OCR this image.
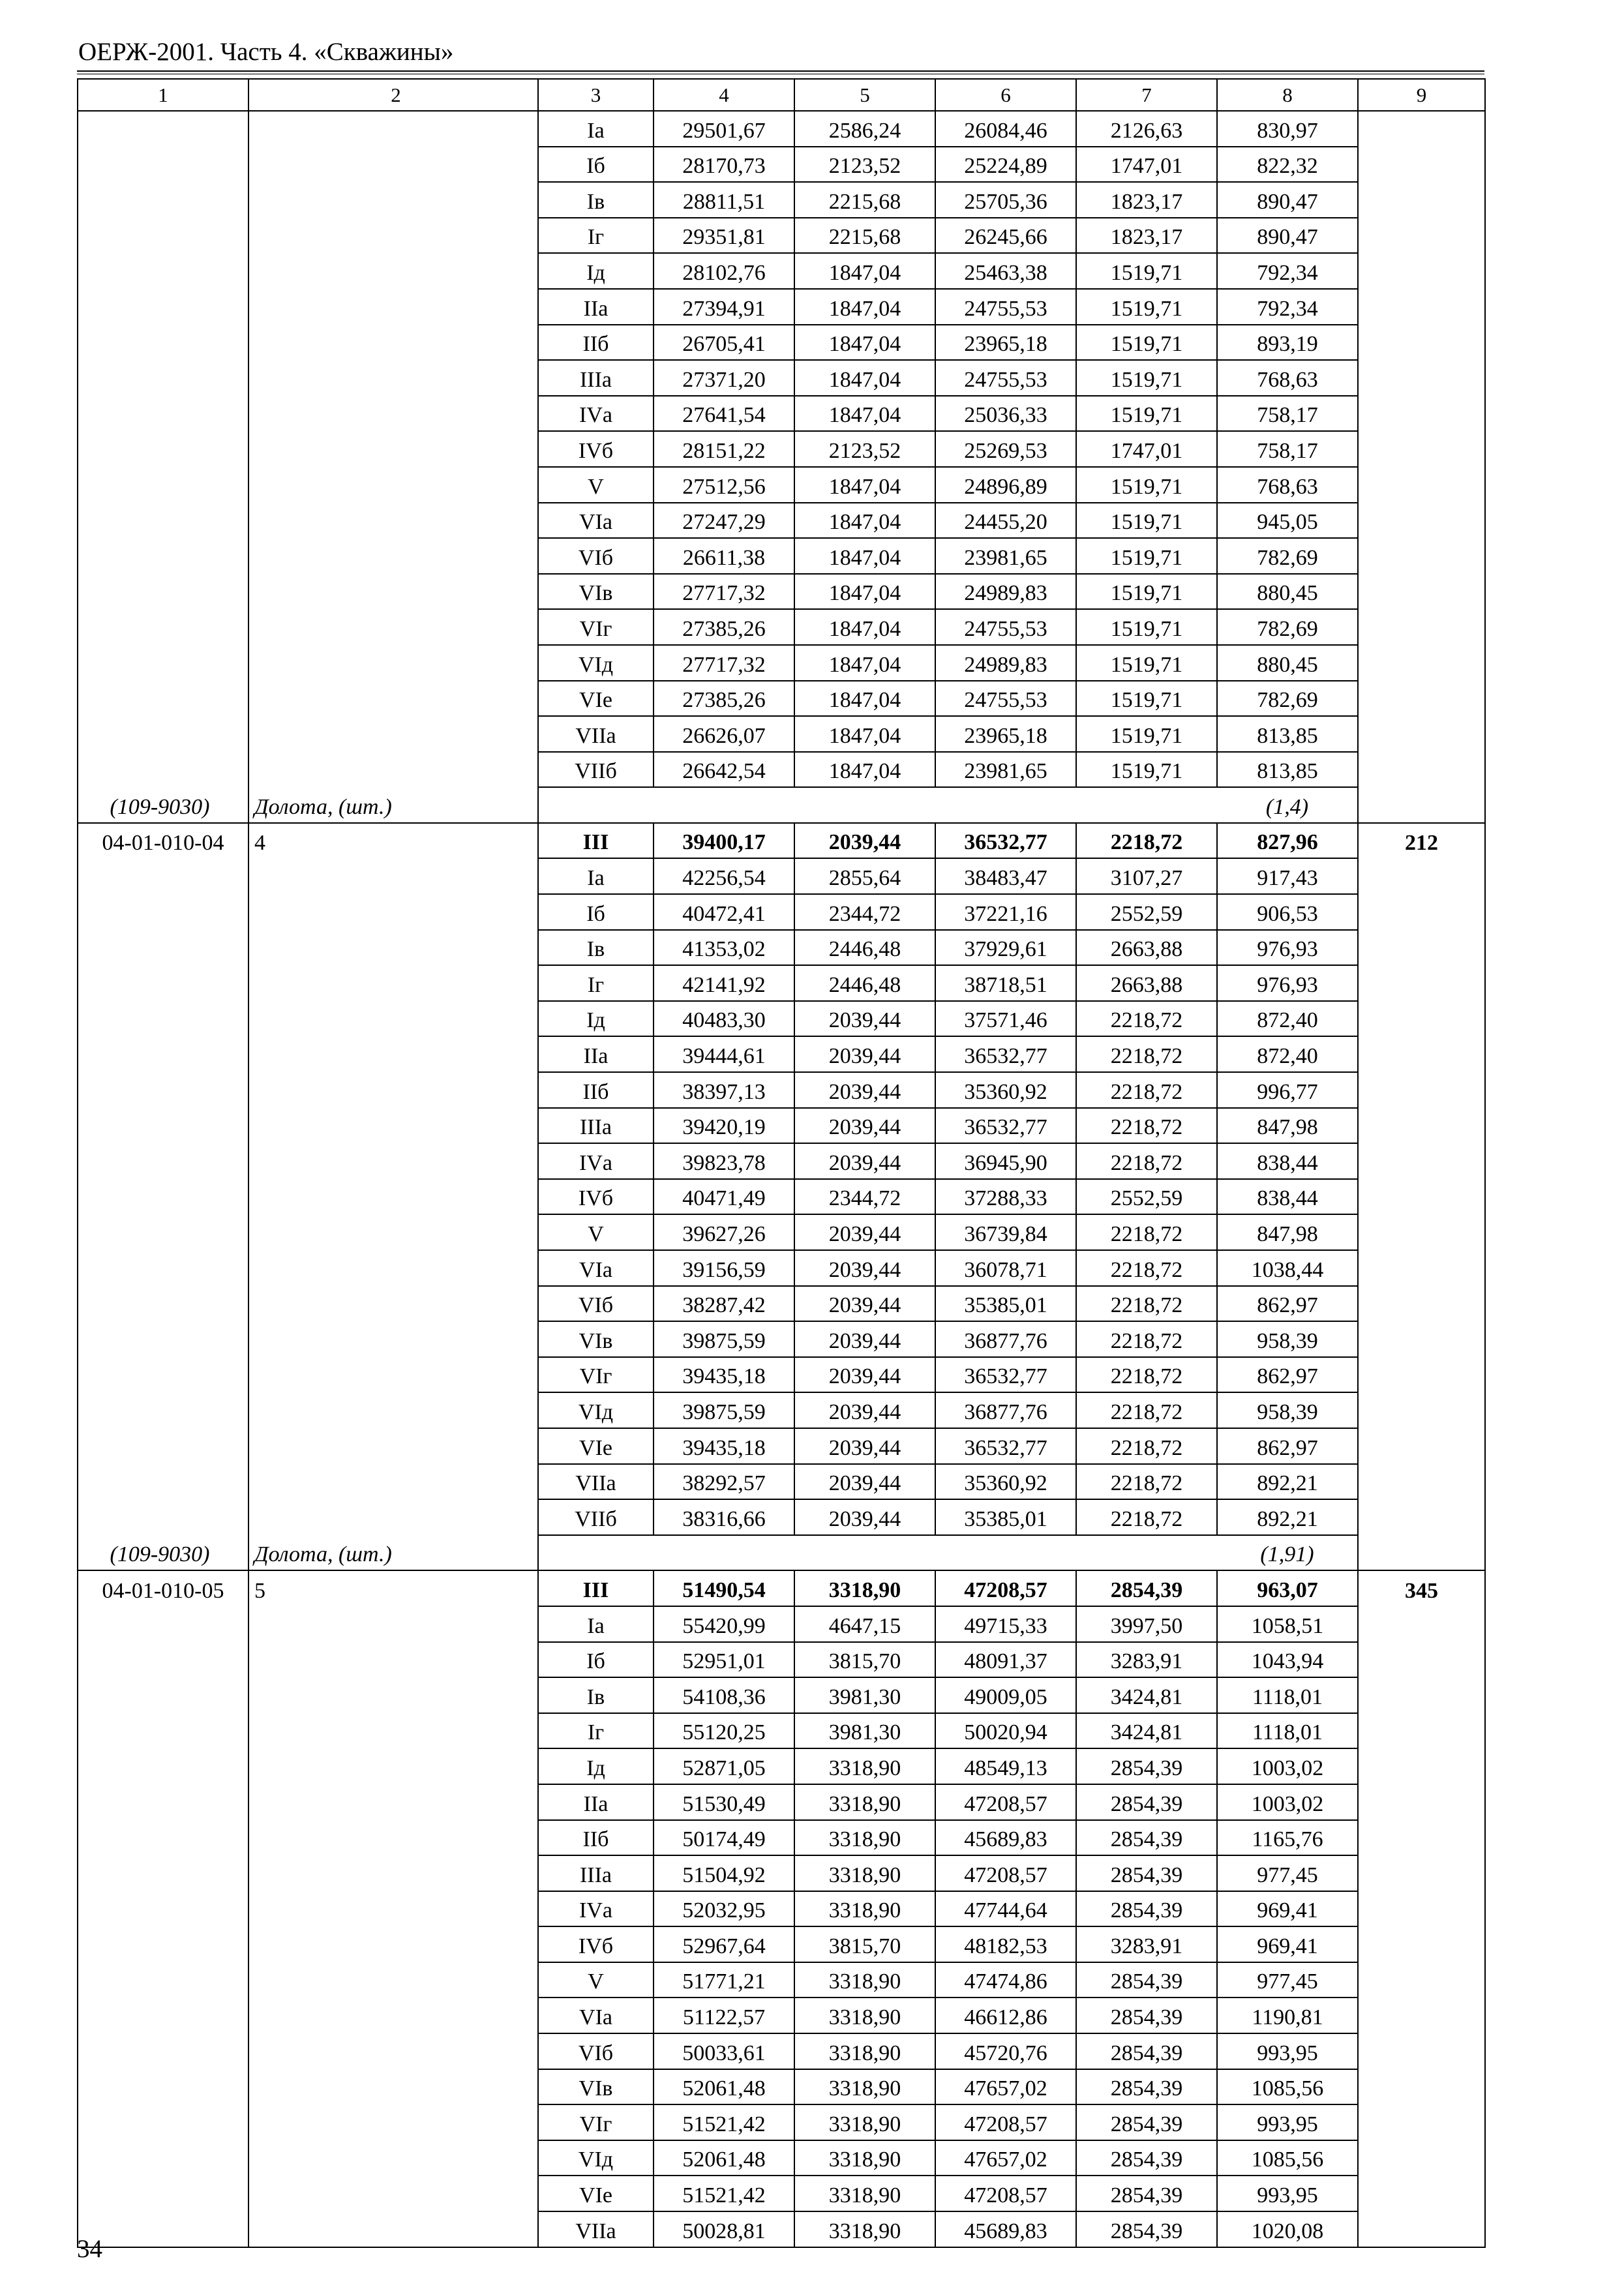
ОЕРЖ-2001. Часть 4. «Скважины»
1	2	3	4	5	6	7	8	9
		Iа	29501,67	2586,24	26084,46	2126,63	830,97	
		Iб	28170,73	2123,52	25224,89	1747,01	822,32	
		Iв	28811,51	2215,68	25705,36	1823,17	890,47	
		Iг	29351,81	2215,68	26245,66	1823,17	890,47	
		Iд	28102,76	1847,04	25463,38	1519,71	792,34	
		IIа	27394,91	1847,04	24755,53	1519,71	792,34	
		IIб	26705,41	1847,04	23965,18	1519,71	893,19	
		IIIа	27371,20	1847,04	24755,53	1519,71	768,63	
		IVа	27641,54	1847,04	25036,33	1519,71	758,17	
		IVб	28151,22	2123,52	25269,53	1747,01	758,17	
		V	27512,56	1847,04	24896,89	1519,71	768,63	
		VIа	27247,29	1847,04	24455,20	1519,71	945,05	
		VIб	26611,38	1847,04	23981,65	1519,71	782,69	
		VIв	27717,32	1847,04	24989,83	1519,71	880,45	
		VIг	27385,26	1847,04	24755,53	1519,71	782,69	
		VIд	27717,32	1847,04	24989,83	1519,71	880,45	
		VIе	27385,26	1847,04	24755,53	1519,71	782,69	
		VIIа	26626,07	1847,04	23965,18	1519,71	813,85	
		VIIб	26642,54	1847,04	23981,65	1519,71	813,85	
(109-9030)	Долота, (шт.)						(1,4)	
04-01-010-04	4	III	39400,17	2039,44	36532,77	2218,72	827,96	212
		Iа	42256,54	2855,64	38483,47	3107,27	917,43	
		Iб	40472,41	2344,72	37221,16	2552,59	906,53	
		Iв	41353,02	2446,48	37929,61	2663,88	976,93	
		Iг	42141,92	2446,48	38718,51	2663,88	976,93	
		Iд	40483,30	2039,44	37571,46	2218,72	872,40	
		IIа	39444,61	2039,44	36532,77	2218,72	872,40	
		IIб	38397,13	2039,44	35360,92	2218,72	996,77	
		IIIа	39420,19	2039,44	36532,77	2218,72	847,98	
		IVа	39823,78	2039,44	36945,90	2218,72	838,44	
		IVб	40471,49	2344,72	37288,33	2552,59	838,44	
		V	39627,26	2039,44	36739,84	2218,72	847,98	
		VIа	39156,59	2039,44	36078,71	2218,72	1038,44	
		VIб	38287,42	2039,44	35385,01	2218,72	862,97	
		VIв	39875,59	2039,44	36877,76	2218,72	958,39	
		VIг	39435,18	2039,44	36532,77	2218,72	862,97	
		VIд	39875,59	2039,44	36877,76	2218,72	958,39	
		VIе	39435,18	2039,44	36532,77	2218,72	862,97	
		VIIа	38292,57	2039,44	35360,92	2218,72	892,21	
		VIIб	38316,66	2039,44	35385,01	2218,72	892,21	
(109-9030)	Долота, (шт.)						(1,91)	
04-01-010-05	5	III	51490,54	3318,90	47208,57	2854,39	963,07	345
		Iа	55420,99	4647,15	49715,33	3997,50	1058,51	
		Iб	52951,01	3815,70	48091,37	3283,91	1043,94	
		Iв	54108,36	3981,30	49009,05	3424,81	1118,01	
		Iг	55120,25	3981,30	50020,94	3424,81	1118,01	
		Iд	52871,05	3318,90	48549,13	2854,39	1003,02	
		IIа	51530,49	3318,90	47208,57	2854,39	1003,02	
		IIб	50174,49	3318,90	45689,83	2854,39	1165,76	
		IIIа	51504,92	3318,90	47208,57	2854,39	977,45	
		IVа	52032,95	3318,90	47744,64	2854,39	969,41	
		IVб	52967,64	3815,70	48182,53	3283,91	969,41	
		V	51771,21	3318,90	47474,86	2854,39	977,45	
		VIа	51122,57	3318,90	46612,86	2854,39	1190,81	
		VIб	50033,61	3318,90	45720,76	2854,39	993,95	
		VIв	52061,48	3318,90	47657,02	2854,39	1085,56	
		VIг	51521,42	3318,90	47208,57	2854,39	993,95	
		VIд	52061,48	3318,90	47657,02	2854,39	1085,56	
		VIе	51521,42	3318,90	47208,57	2854,39	993,95	
		VIIа	50028,81	3318,90	45689,83	2854,39	1020,08	
34
